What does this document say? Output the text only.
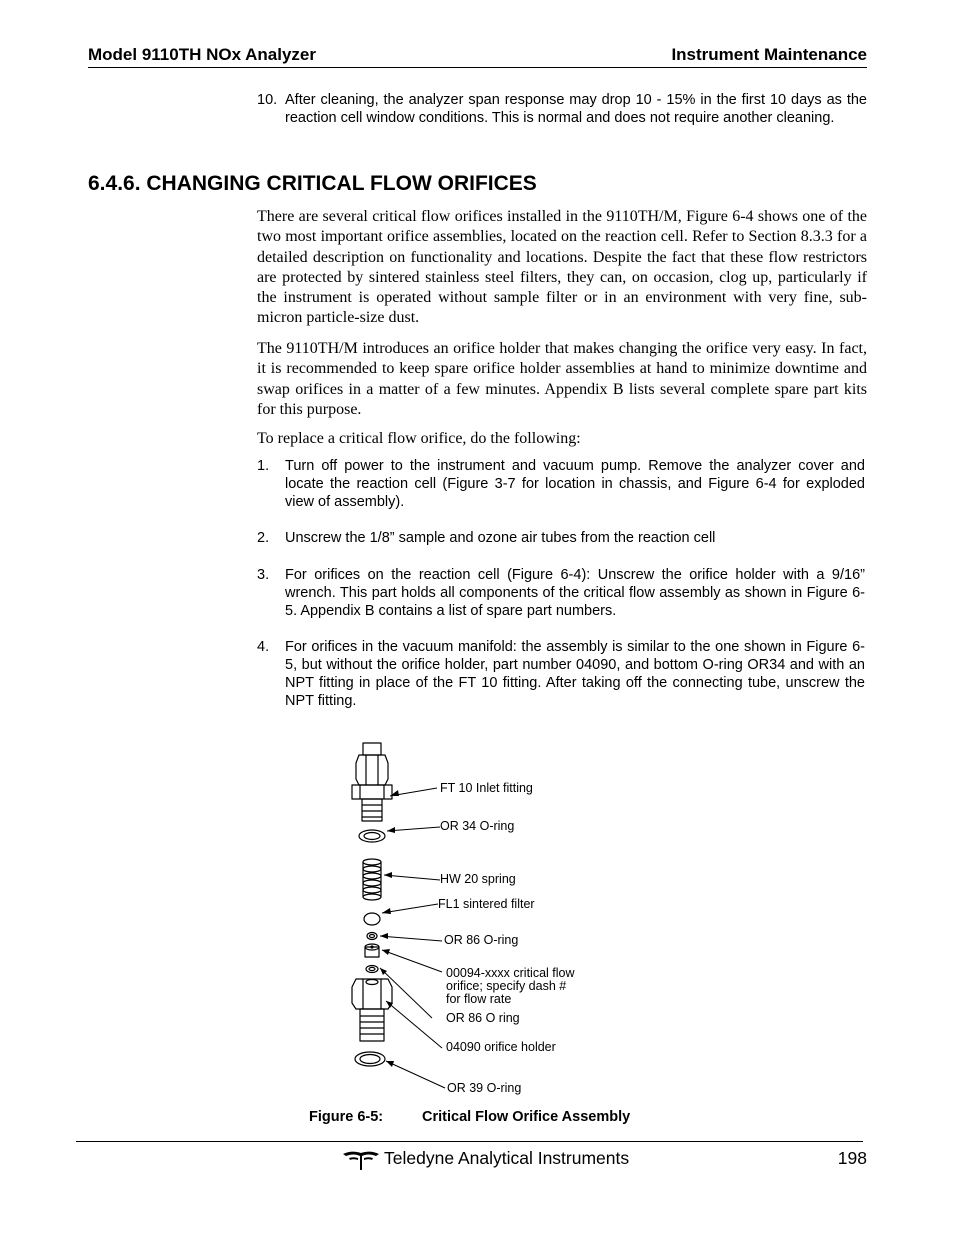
Model 9110TH NOx Analyzer	Instrument Maintenance
10. After cleaning, the analyzer span response may drop 10 - 15% in the first 10 days as the reaction cell window conditions. This is normal and does not require another cleaning.
6.4.6. CHANGING CRITICAL FLOW ORIFICES
There are several critical flow orifices installed in the 9110TH/M, Figure 6-4 shows one of the two most important orifice assemblies, located on the reaction cell. Refer to Section 8.3.3 for a detailed description on functionality and locations. Despite the fact that these flow restrictors are protected by sintered stainless steel filters, they can, on occasion, clog up, particularly if the instrument is operated without sample filter or in an environment with very fine, sub-micron particle-size dust.
The 9110TH/M introduces an orifice holder that makes changing the orifice very easy. In fact, it is recommended to keep spare orifice holder assemblies at hand to minimize downtime and swap orifices in a matter of a few minutes. Appendix B lists several complete spare part kits for this purpose.
To replace a critical flow orifice, do the following:
1. Turn off power to the instrument and vacuum pump. Remove the analyzer cover and locate the reaction cell (Figure 3-7 for location in chassis, and Figure 6-4 for exploded view of assembly).
2. Unscrew the 1/8” sample and ozone air tubes from the reaction cell
3. For orifices on the reaction cell (Figure 6-4): Unscrew the orifice holder with a 9/16” wrench. This part holds all components of the critical flow assembly as shown in Figure 6-5. Appendix B contains a list of spare part numbers.
4. For orifices in the vacuum manifold: the assembly is similar to the one shown in Figure 6-5, but without the orifice holder, part number 04090, and bottom O-ring OR34 and with an NPT fitting in place of the FT 10 fitting. After taking off the connecting tube, unscrew the NPT fitting.
FT 10 Inlet fitting
OR 34 O-ring
HW 20 spring
FL1 sintered filter
OR 86 O-ring
00094-xxxx critical flow
orifice; specify dash #
for flow rate
OR 86 O ring
04090 orifice holder
OR 39 O-ring
Figure 6-5:	Critical Flow Orifice Assembly
Teledyne Analytical Instruments	198
